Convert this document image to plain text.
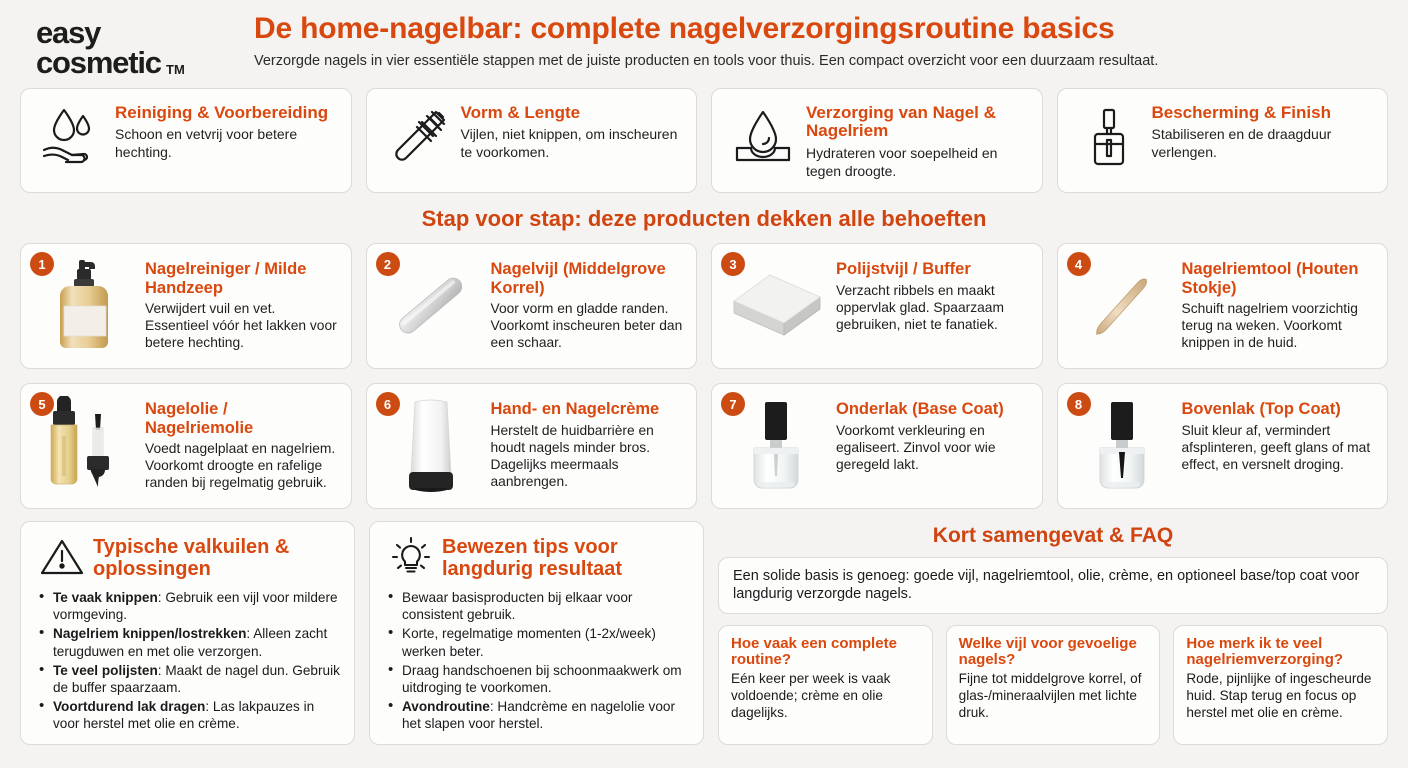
easy
cosmetic TM
De home-nagelbar: complete nagelverzorgingsroutine basics
Verzorgde nagels in vier essentiële stappen met de juiste producten en tools voor thuis. Een compact overzicht voor een duurzaam resultaat.
Reiniging & Voorbereiding
Schoon en vetvrij voor betere hechting.
Vorm & Lengte
Vijlen, niet knippen, om inscheuren te voorkomen.
Verzorging van Nagel & Nagelriem
Hydrateren voor soepelheid en tegen droogte.
Bescherming & Finish
Stabiliseren en de draagduur verlengen.
Stap voor stap: deze producten dekken alle behoeften
1	Nagelreiniger / Milde Handzeep
Verwijdert vuil en vet. Essentieel vóór het lakken voor betere hechting.
2	Nagelvijl (Middelgrove Korrel)
Voor vorm en gladde randen. Voorkomt inscheuren beter dan een schaar.
3	Polijstvijl / Buffer
Verzacht ribbels en maakt oppervlak glad. Spaarzaam gebruiken, niet te fanatiek.
4	Nagelriemtool (Houten Stokje)
Schuift nagelriem voorzichtig terug na weken. Voorkomt knippen in de huid.
5	Nagelolie / Nagelriemolie
Voedt nagelplaat en nagelriem. Voorkomt droogte en rafelige randen bij regelmatig gebruik.
6	Hand- en Nagelcrème
Herstelt de huidbarrière en houdt nagels minder bros. Dagelijks meermaals aanbrengen.
7	Onderlak (Base Coat)
Voorkomt verkleuring en egaliseert. Zinvol voor wie geregeld lakt.
8	Bovenlak (Top Coat)
Sluit kleur af, vermindert afsplinteren, geeft glans of mat effect, en versnelt droging.
Typische valkuilen & oplossingen
• Te vaak knippen: Gebruik een vijl voor mildere vormgeving.
• Nagelriem knippen/lostrekken: Alleen zacht terugduwen en met olie verzorgen.
• Te veel polijsten: Maakt de nagel dun. Gebruik de buffer spaarzaam.
• Voortdurend lak dragen: Las lakpauzes in voor herstel met olie en crème.
Bewezen tips voor langdurig resultaat
• Bewaar basisproducten bij elkaar voor consistent gebruik.
• Korte, regelmatige momenten (1-2x/week) werken beter.
• Draag handschoenen bij schoonmaakwerk om uitdroging te voorkomen.
• Avondroutine: Handcrème en nagelolie voor het slapen voor herstel.
Kort samengevat & FAQ
Een solide basis is genoeg: goede vijl, nagelriemtool, olie, crème, en optioneel base/top coat voor langdurig verzorgde nagels.
Hoe vaak een complete routine?
Eén keer per week is vaak voldoende; crème en olie dagelijks.
Welke vijl voor gevoelige nagels?
Fijne tot middelgrove korrel, of glas-/mineraalvijlen met lichte druk.
Hoe merk ik te veel nagelriemverzorging?
Rode, pijnlijke of ingescheurde huid. Stap terug en focus op herstel met olie en crème.
